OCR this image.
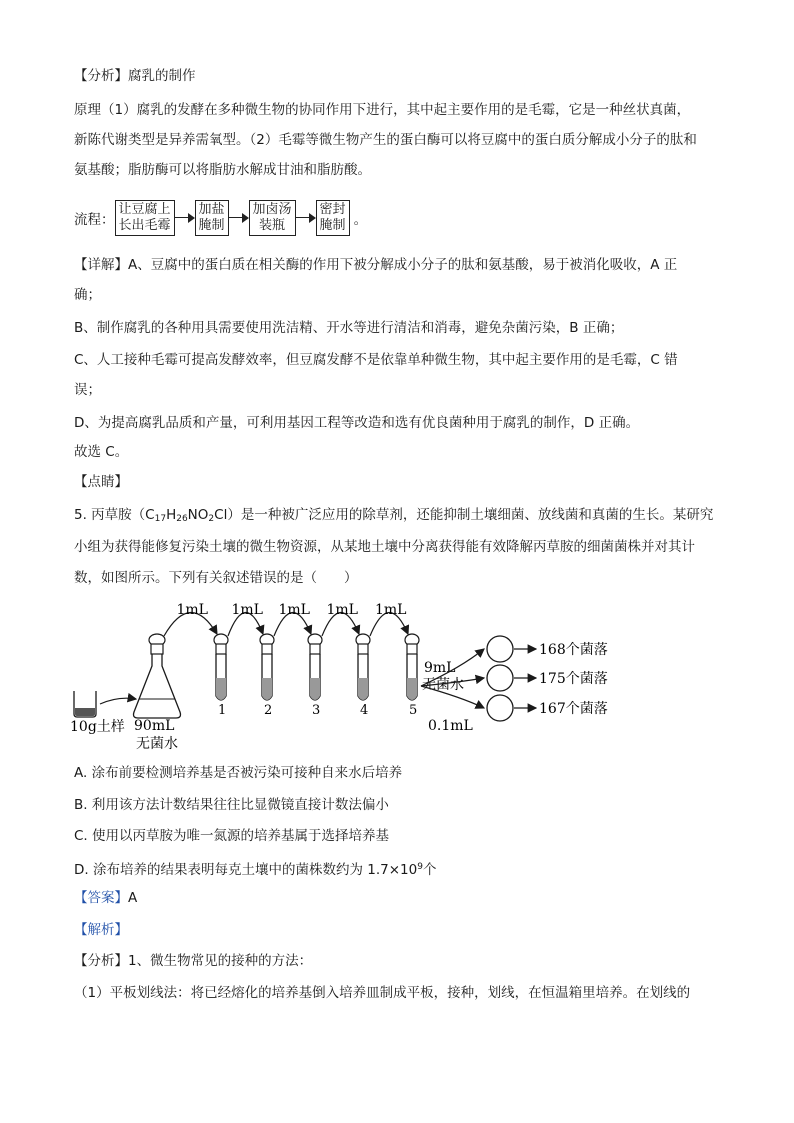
【分析】腐乳的制作
原理（1）腐乳的发酵在多种微生物的协同作用下进行，其中起主要作用的是毛霉，它是一种丝状真菌，
新陈代谢类型是异养需氧型。（2）毛霉等微生物产生的蛋白酶可以将豆腐中的蛋白质分解成小分子的肽和
氨基酸；脂肪酶可以将脂肪水解成甘油和脂肪酸。
流程：
让豆腐上
长出毛霉
加盐
腌制
加卤汤
装瓶
密封
腌制 。
【详解】A、豆腐中的蛋白质在相关酶的作用下被分解成小分子的肽和氨基酸，易于被消化吸收，A 正
确；
B、制作腐乳的各种用具需要使用洗洁精、开水等进行清洁和消毒，避免杂菌污染，B 正确；
C、人工接种毛霉可提高发酵效率，但豆腐发酵不是依靠单种微生物，其中起主要作用的是毛霉，C 错
误；
D、为提高腐乳品质和产量，可利用基因工程等改造和选有优良菌种用于腐乳的制作，D 正确。
故选 C。
【点睛】
5. 丙草胺$(C_{17}H_{26}NO_2Cl)$是一种被广泛应用的除草剂，还能抑制土壤细菌、放线菌和真菌的生长。某研究
小组为获得能修复污染土壤的微生物资源，从某地土壤中分离获得能有效降解丙草胺的细菌菌株并对其计
数，如图所示。下列有关叙述错误的是（　　）
10g土样 90mL
无菌水
1
1mL
2
1mL
3
1mL
4
1mL
5
1mL
9mL
无菌水
0.1mL
168个菌落
175个菌落
167个菌落
A. 涂布前要检测培养基是否被污染可接种自来水后培养
B. 利用该方法计数结果往往比显微镜直接计数法偏小
C. 使用以丙草胺为唯一氮源的培养基属于选择培养基
D. 涂布培养的结果表明每克土壤中的菌株数约为 $1.7\times 10^9$个
【答案】A
【解析】
【分析】1、微生物常见的接种的方法：
（1）平板划线法：将已经熔化的培养基倒入培养皿制成平板，接种，划线，在恒温箱里培养。在划线的
